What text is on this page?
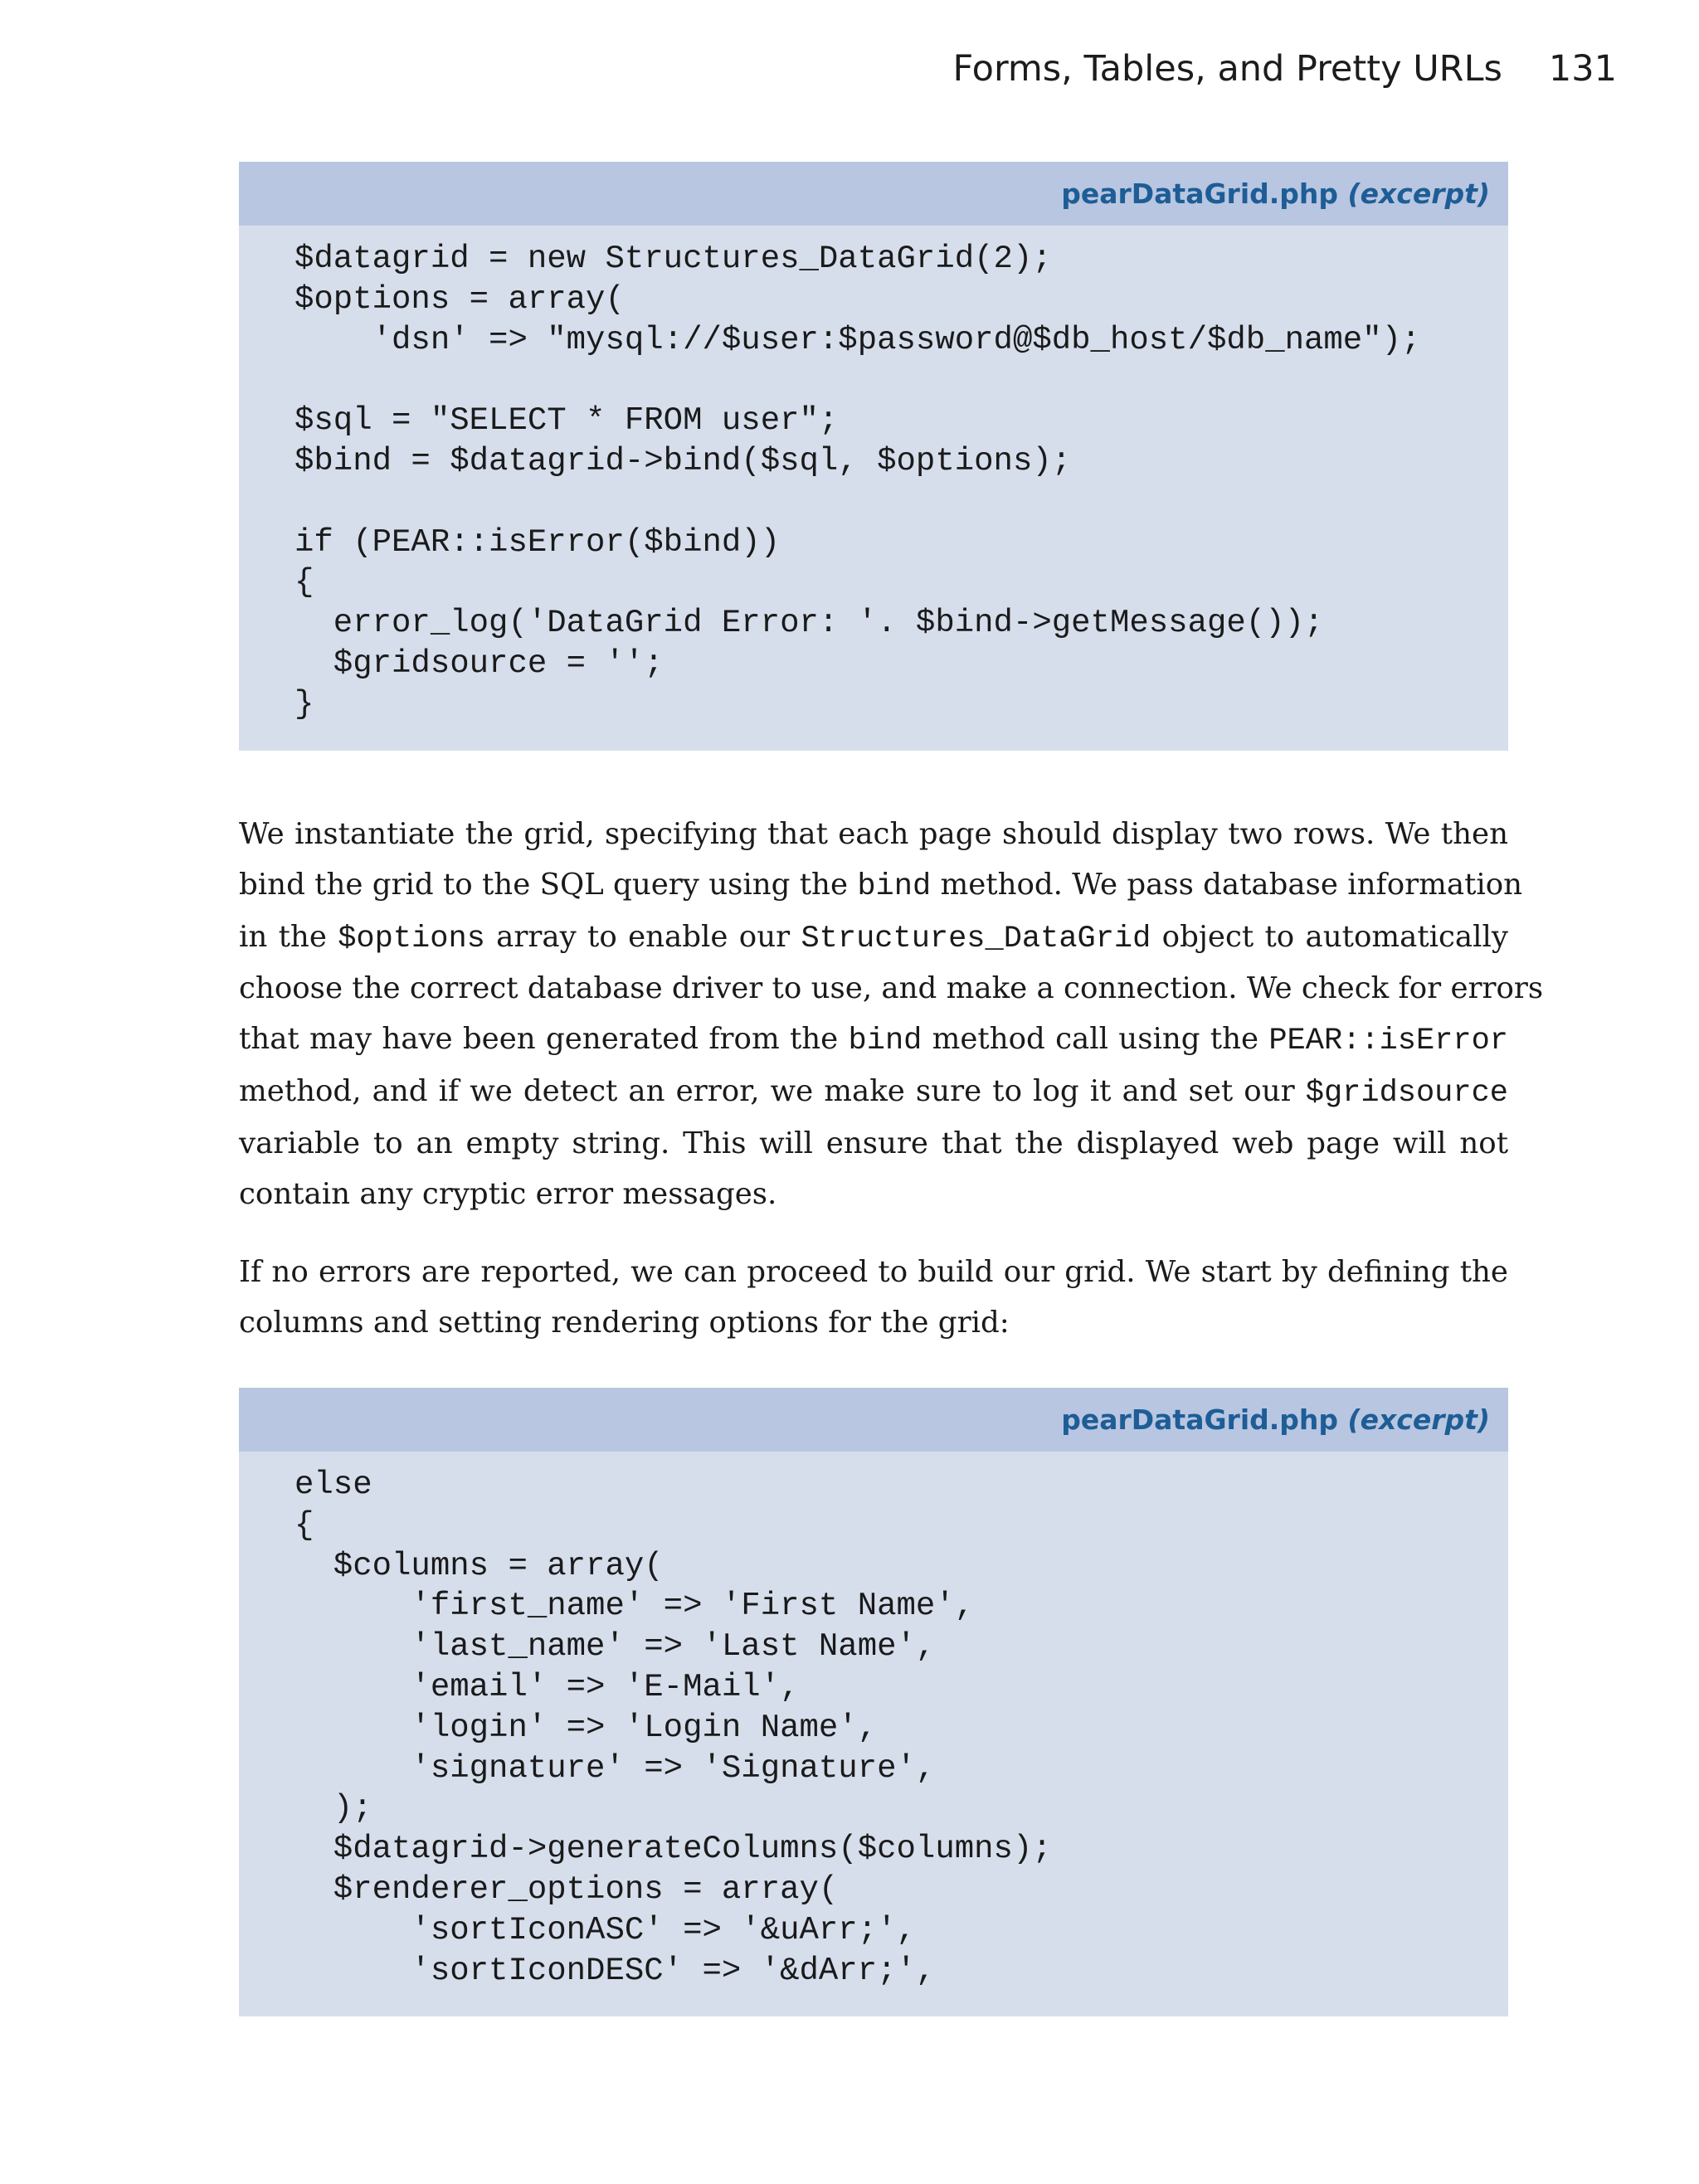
Forms, Tables, and Pretty URLs 131
pearDataGrid.php (excerpt)
$datagrid = new Structures_DataGrid(2);
$options = array(
'dsn' => "mysql://$user:$password@$db_host/$db_name");

$sql = "SELECT * FROM user";
$bind = $datagrid->bind($sql, $options);

if (PEAR::isError($bind))
{
error_log('DataGrid Error: '. $bind->getMessage());
$gridsource = '';
}
We instantiate the grid, specifying that each page should display two rows. We then
bind the grid to the SQL query using the bind method. We pass database information
in the $options array to enable our Structures_DataGrid object to automatically
choose the correct database driver to use, and make a connection. We check for errors
that may have been generated from the bind method call using the PEAR::isError
method, and if we detect an error, we make sure to log it and set our $gridsource
variable to an empty string. This will ensure that the displayed web page will not
contain any cryptic error messages.
If no errors are reported, we can proceed to build our grid. We start by defining the
columns and setting rendering options for the grid:
pearDataGrid.php (excerpt)
else
{
$columns = array(
'first_name' => 'First Name',
'last_name' => 'Last Name',
'email' => 'E-Mail',
'login' => 'Login Name',
'signature' => 'Signature',
);
$datagrid->generateColumns($columns);
$renderer_options = array(
'sortIconASC' => '&uArr;',
'sortIconDESC' => '&dArr;',
